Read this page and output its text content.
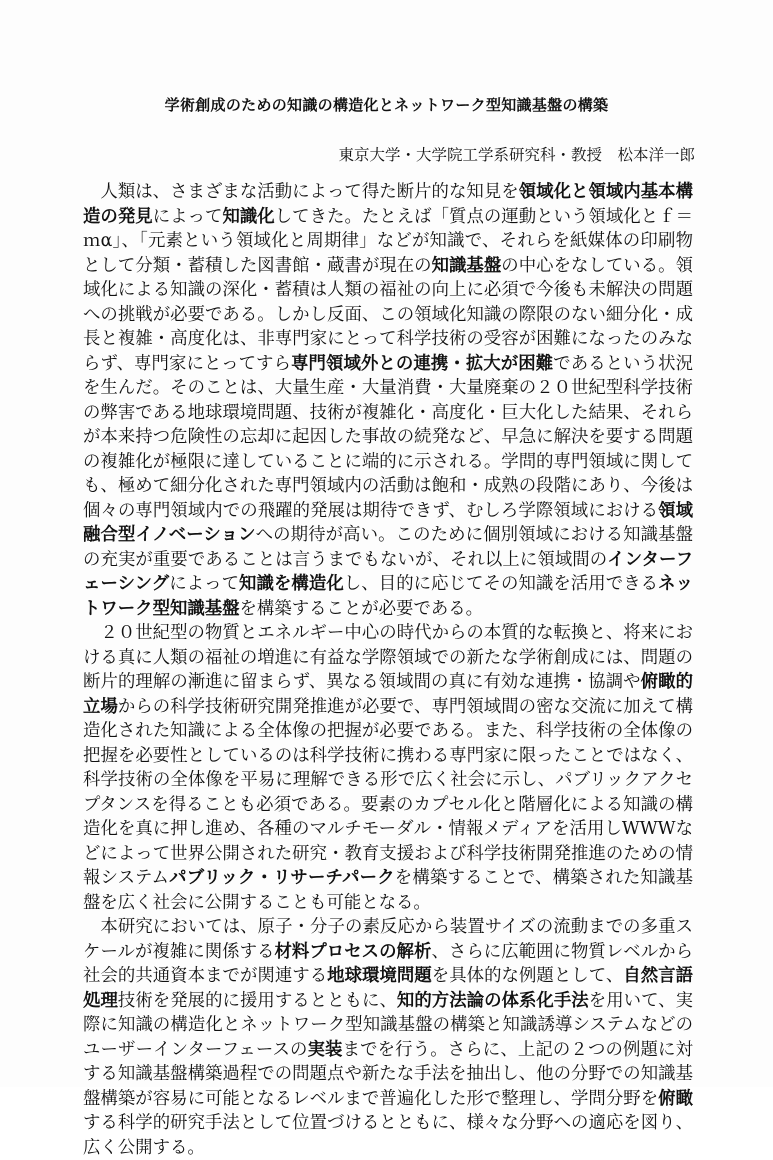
学術創成のための知識の構造化とネットワーク型知識基盤の構築
東京大学・大学院工学系研究科・教授　松本洋一郎

人類は、さまざまな活動によって得た断片的な知見を領域化と領域内基本構造の発見によって知識化してきた。たとえば「質点の運動という領域化とｆ＝ｍα」、「元素という領域化と周期律」などが知識で、それらを紙媒体の印刷物として分類・蓄積した図書館・蔵書が現在の知識基盤の中心をなしている。領域化による知識の深化・蓄積は人類の福祉の向上に必須で今後も未解決の問題への挑戦が必要である。しかし反面、この領域化知識の際限のない細分化・成長と複雑・高度化は、非専門家にとって科学技術の受容が困難になったのみならず、専門家にとってすら専門領域外との連携・拡大が困難であるという状況を生んだ。そのことは、大量生産・大量消費・大量廃棄の２０世紀型科学技術の弊害である地球環境問題、技術が複雑化・高度化・巨大化した結果、それらが本来持つ危険性の忘却に起因した事故の続発など、早急に解決を要する問題の複雑化が極限に達していることに端的に示される。学問的専門領域に関しても、極めて細分化された専門領域内の活動は飽和・成熟の段階にあり、今後は個々の専門領域内での飛躍的発展は期待できず、むしろ学際領域における領域融合型イノベーションへの期待が高い。このために個別領域における知識基盤の充実が重要であることは言うまでもないが、それ以上に領域間のインターフェーシングによって知識を構造化し、目的に応じてその知識を活用できるネットワーク型知識基盤を構築することが必要である。

２０世紀型の物質とエネルギー中心の時代からの本質的な転換と、将来における真に人類の福祉の増進に有益な学際領域での新たな学術創成には、問題の断片的理解の漸進に留まらず、異なる領域間の真に有効な連携・協調や俯瞰的立場からの科学技術研究開発推進が必要で、専門領域間の密な交流に加えて構造化された知識による全体像の把握が必要である。また、科学技術の全体像の把握を必要性としているのは科学技術に携わる専門家に限ったことではなく、科学技術の全体像を平易に理解できる形で広く社会に示し、パブリックアクセプタンスを得ることも必須である。要素のカプセル化と階層化による知識の構造化を真に押し進め、各種のマルチモーダル・情報メディアを活用しWWWなどによって世界公開された研究・教育支援および科学技術開発推進のための情報システムパブリック・リサーチパークを構築することで、構築された知識基盤を広く社会に公開することも可能となる。

本研究においては、原子・分子の素反応から装置サイズの流動までの多重スケールが複雑に関係する材料プロセスの解析、さらに広範囲に物質レベルから社会的共通資本までが関連する地球環境問題を具体的な例題として、自然言語処理技術を発展的に援用するとともに、知的方法論の体系化手法を用いて、実際に知識の構造化とネットワーク型知識基盤の構築と知識誘導システムなどのユーザーインターフェースの実装までを行う。さらに、上記の２つの例題に対する知識基盤構築過程での問題点や新たな手法を抽出し、他の分野での知識基盤構築が容易に可能となるレベルまで普遍化した形で整理し、学問分野を俯瞰する科学的研究手法として位置づけるとともに、様々な分野への適応を図り、広く公開する。
